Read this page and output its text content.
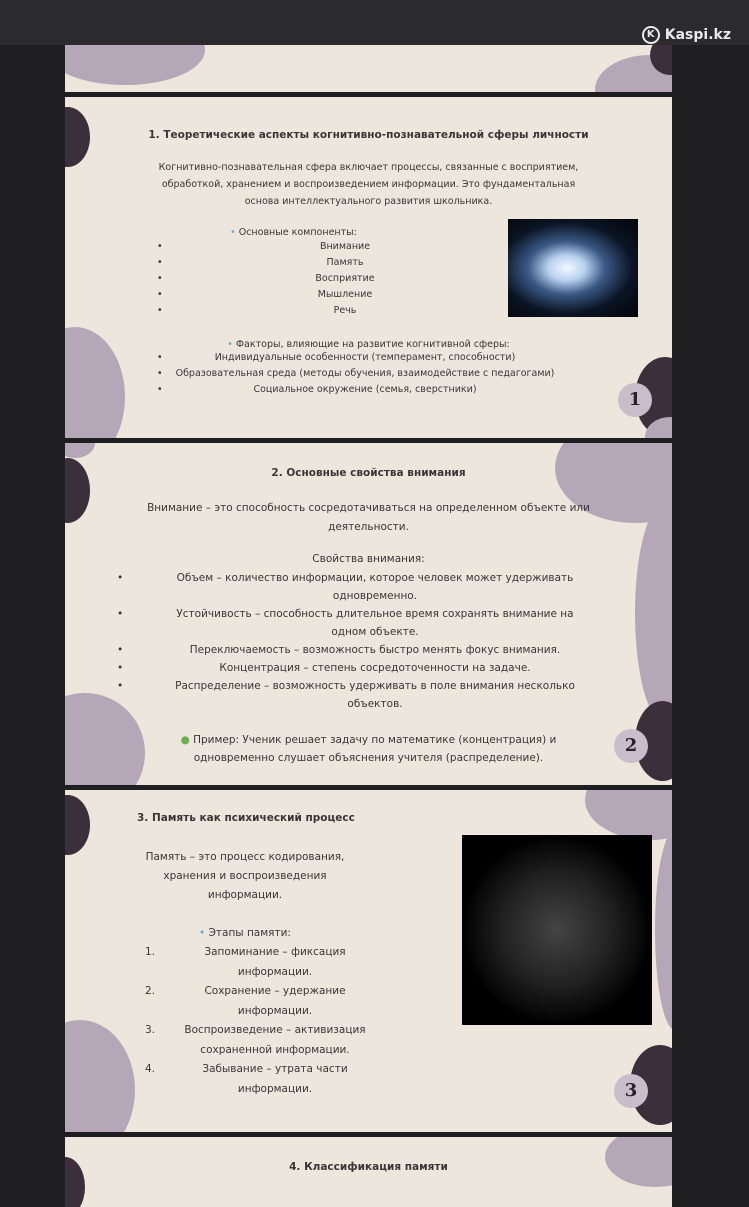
K Kaspi.kz
1. Теоретические аспекты когнитивно-познавательной сферы личности
Когнитивно-познавательная сфера включает процессы, связанные с восприятием,
обработкой, хранением и воспроизведением информации. Это фундаментальная
основа интеллектуального развития школьника.
• Основные компоненты:
•	Внимание
•	Память
•	Восприятие
•	Мышление
•	Речь
• Факторы, влияющие на развитие когнитивной сферы:
•	Индивидуальные особенности (темперамент, способности)
•	Образовательная среда (методы обучения, взаимодействие с педагогами)
•	Социальное окружение (семья, сверстники)	1
2. Основные свойства внимания
Внимание – это способность сосредотачиваться на определенном объекте или
деятельности.
Свойства внимания:
•	Объем – количество информации, которое человек может удерживать
одновременно.
•	Устойчивость – способность длительное время сохранять внимание на
одном объекте.
•	Переключаемость – возможность быстро менять фокус внимания.
•	Концентрация – степень сосредоточенности на задаче.
•	Распределение – возможность удерживать в поле внимания несколько
объектов.
● Пример: Ученик решает задачу по математике (концентрация) и
одновременно слушает объяснения учителя (распределение).
2
3. Память как психический процесс
Память – это процесс кодирования,
хранения и воспроизведения
информации.
• Этапы памяти:
1.	Запоминание – фиксация
информации.
2.	Сохранение – удержание
информации.
3.	Воспроизведение – активизация
сохраненной информации.
4.	Забывание – утрата части
информации.	3
4. Классификация памяти
